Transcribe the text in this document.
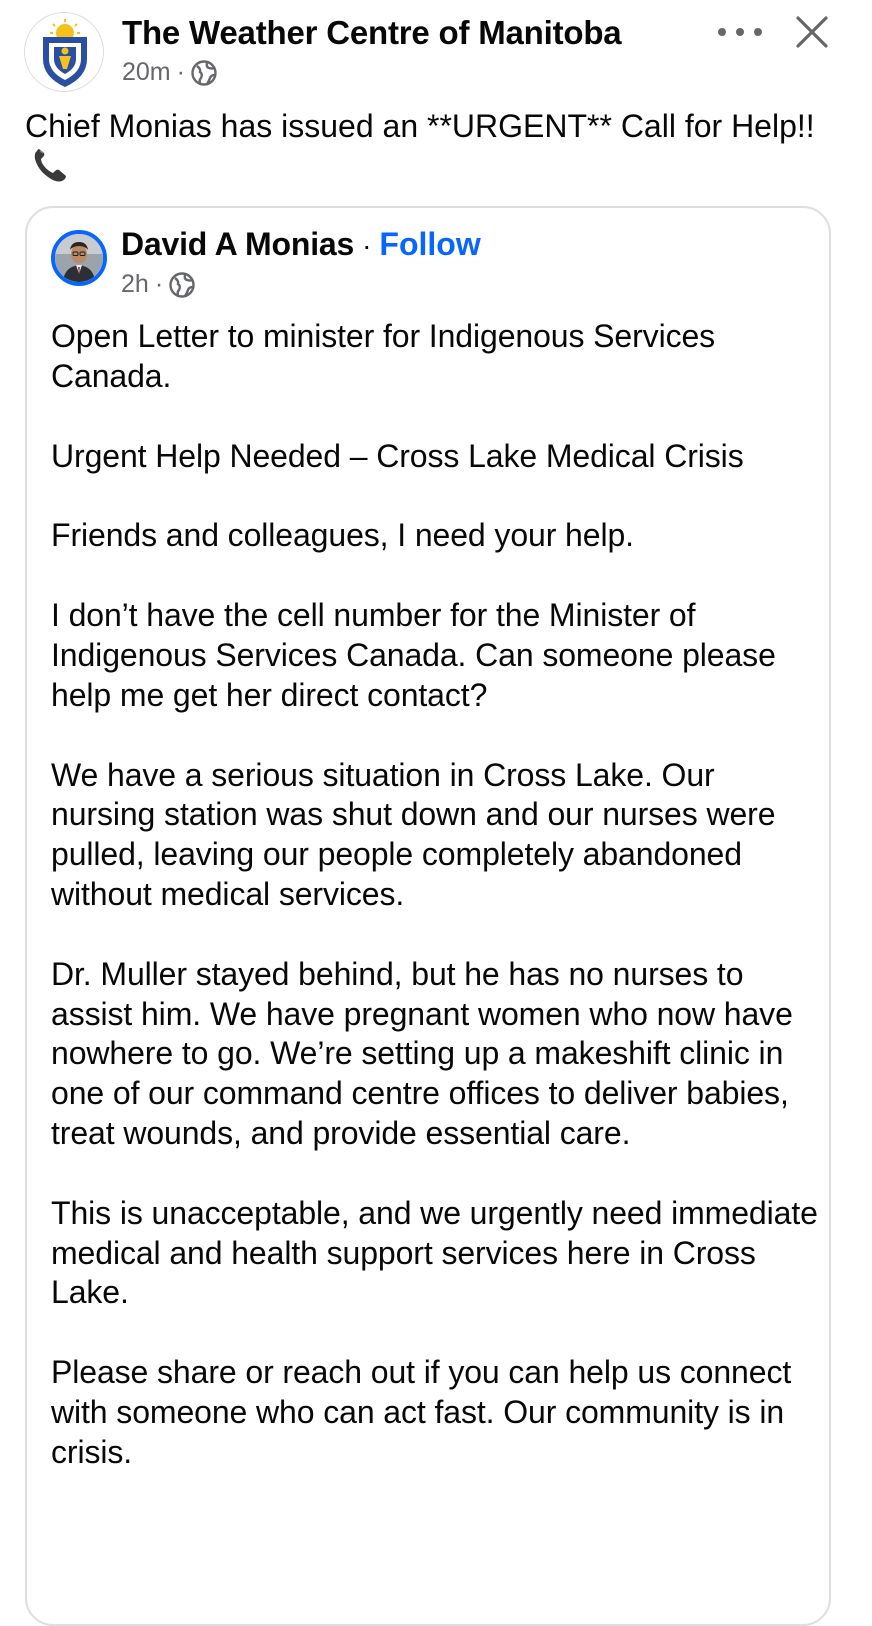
The Weather Centre of Manitoba
20m ·
Chief Monias has issued an **URGENT** Call for Help!!
David A Monias · Follow
2h ·

Open Letter to minister for Indigenous Services Canada.

Urgent Help Needed – Cross Lake Medical Crisis

Friends and colleagues, I need your help.

I don’t have the cell number for the Minister of Indigenous Services Canada. Can someone please help me get her direct contact?

We have a serious situation in Cross Lake. Our nursing station was shut down and our nurses were pulled, leaving our people completely abandoned without medical services.

Dr. Muller stayed behind, but he has no nurses to assist him. We have pregnant women who now have nowhere to go. We’re setting up a makeshift clinic in one of our command centre offices to deliver babies, treat wounds, and provide essential care.

This is unacceptable, and we urgently need immediate medical and health support services here in Cross Lake.

Please share or reach out if you can help us connect with someone who can act fast. Our community is in crisis.
